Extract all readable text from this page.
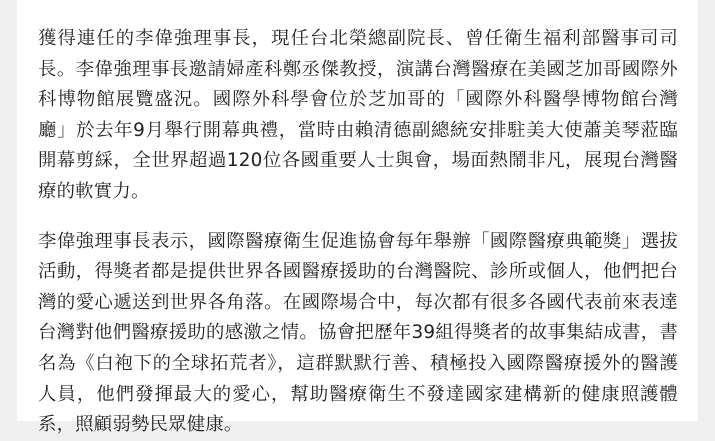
獲得連任的李偉強理事長，現任台北榮總副院長、曾任衛生福利部醫事司司長。李偉強理事長邀請婦產科鄭丞傑教授，演講台灣醫療在美國芝加哥國際外科博物館展覽盛況。國際外科學會位於芝加哥的「國際外科醫學博物館台灣廳」於去年9月舉行開幕典禮，當時由賴清德副總統安排駐美大使蕭美琴蒞臨開幕剪綵，全世界超過120位各國重要人士與會，場面熱鬧非凡，展現台灣醫療的軟實力。

李偉強理事長表示，國際醫療衛生促進協會每年舉辦「國際醫療典範獎」選拔活動，得獎者都是提供世界各國醫療援助的台灣醫院、診所或個人，他們把台灣的愛心遞送到世界各角落。在國際場合中，每次都有很多各國代表前來表達台灣對他們醫療援助的感激之情。協會把歷年39組得獎者的故事集結成書，書名為《白袍下的全球拓荒者》，這群默默行善、積極投入國際醫療援外的醫護人員，他們發揮最大的愛心，幫助醫療衛生不發達國家建構新的健康照護體系，照顧弱勢民眾健康。
